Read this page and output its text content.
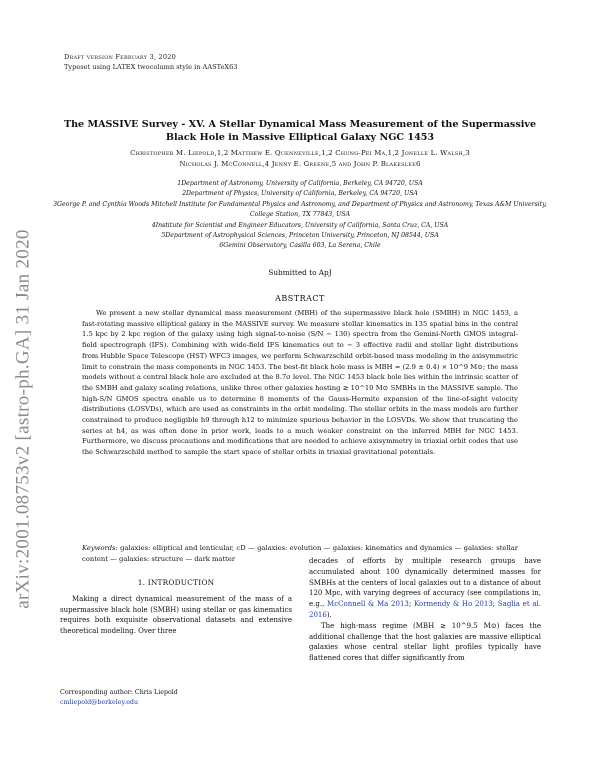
arXiv:2001.08753v2 [astro-ph.GA] 31 Jan 2020
Draft version February 3, 2020
Typeset using LATEX twocolumn style in AASTeX63
The MASSIVE Survey - XV. A Stellar Dynamical Mass Measurement of the Supermassive Black Hole in Massive Elliptical Galaxy NGC 1453
Christopher M. Liepold,1,2 Matthew E. Quenneville,1,2 Chung-Pei Ma,1,2 Jonelle L. Walsh,3
Nicholas J. McConnell,4 Jenny E. Greene,5 and John P. Blakeslee6
1Department of Astronomy, University of California, Berkeley, CA 94720, USA
2Department of Physics, University of California, Berkeley, CA 94720, USA
3George P. and Cynthia Woods Mitchell Institute for Fundamental Physics and Astronomy, and Department of Physics and Astronomy, Texas A&M University, College Station, TX 77843, USA
4Institute for Scientist and Engineer Educators, University of California, Santa Cruz, CA, USA
5Department of Astrophysical Sciences, Princeton University, Princeton, NJ 08544, USA
6Gemini Observatory, Casilla 603, La Serena, Chile
Submitted to ApJ
ABSTRACT

We present a new stellar dynamical mass measurement (MBH) of the supermassive black hole (SMBH) in NGC 1453, a fast-rotating massive elliptical galaxy in the MASSIVE survey. We measure stellar kinematics in 135 spatial bins in the central 1.5 kpc by 2 kpc region of the galaxy using high signal-to-noise (S/N ∼ 130) spectra from the Gemini-North GMOS integral-field spectrograph (IFS). Combining with wide-field IFS kinematics out to ∼ 3 effective radii and stellar light distributions from Hubble Space Telescope (HST) WFC3 images, we perform Schwarzschild orbit-based mass modeling in the axisymmetric limit to constrain the mass components in NGC 1453. The best-fit black hole mass is MBH = (2.9 ± 0.4) × 10^9 M⊙; the mass models without a central black hole are excluded at the 8.7σ level. The NGC 1453 black hole lies within the intrinsic scatter of the SMBH and galaxy scaling relations, unlike three other galaxies hosting ≳ 10^10 M⊙ SMBHs in the MASSIVE sample. The high-S/N GMOS spectra enable us to determine 8 moments of the Gauss-Hermite expansion of the line-of-sight velocity distributions (LOSVDs), which are used as constraints in the orbit modeling. The stellar orbits in the mass models are further constrained to produce negligible h9 through h12 to minimize spurious behavior in the LOSVDs. We show that truncating the series at h4, as was often done in prior work, leads to a much weaker constraint on the inferred MBH for NGC 1453. Furthermore, we discuss precautions and modifications that are needed to achieve axisymmetry in triaxial orbit codes that use the Schwarzschild method to sample the start space of stellar orbits in triaxial gravitational potentials.

Keywords: galaxies: elliptical and lenticular, cD — galaxies: evolution — galaxies: kinematics and dynamics — galaxies: stellar content — galaxies: structure — dark matter
1. INTRODUCTION

Making a direct dynamical measurement of the mass of a supermassive black hole (SMBH) using stellar or gas kinematics requires both exquisite observational datasets and extensive theoretical modeling. Over three

decades of efforts by multiple research groups have accumulated about 100 dynamically determined masses for SMBHs at the centers of local galaxies out to a distance of about 120 Mpc, with varying degrees of accuracy (see compilations in, e.g., McConnell & Ma 2013; Kormendy & Ho 2013; Saglia et al. 2016).

The high-mass regime (MBH ≳ 10^9.5 M⊙) faces the additional challenge that the host galaxies are massive elliptical galaxies whose central stellar light profiles typically have flattened cores that differ significantly from

Corresponding author: Chris Liepold
cmliepold@berkeley.edu
